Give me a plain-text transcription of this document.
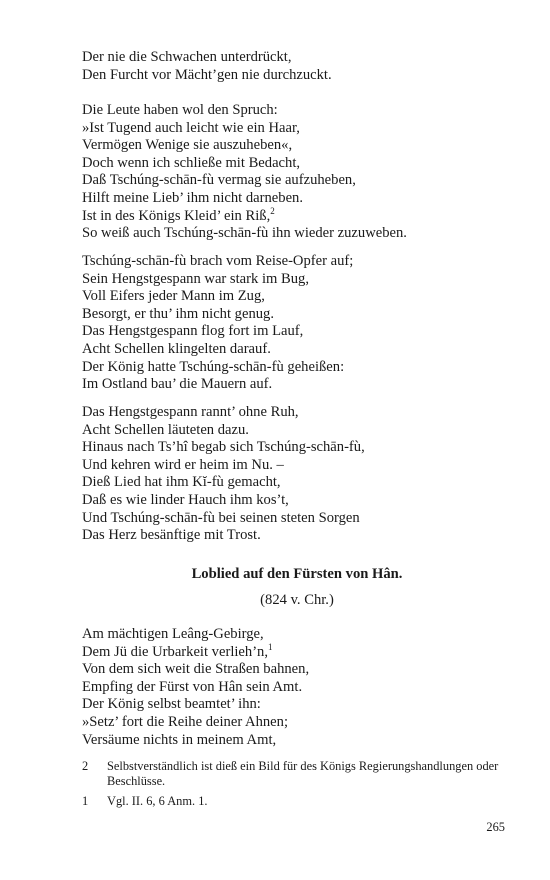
Der nie die Schwachen unterdrückt,
Den Furcht vor Mächt’gen nie durchzuckt.
Die Leute haben wol den Spruch:
»Ist Tugend auch leicht wie ein Haar,
Vermögen Wenige sie auszuheben«,
Doch wenn ich schließe mit Bedacht,
Daß Tschúng-schān-fù vermag sie aufzuheben,
Hilft meine Lieb’ ihm nicht darneben.
Ist in des Königs Kleid’ ein Riß,$^2$
So weiß auch Tschúng-schān-fù ihn wieder zuzuweben.
Tschúng-schān-fù brach vom Reise-Opfer auf;
Sein Hengstgespann war stark im Bug,
Voll Eifers jeder Mann im Zug,
Besorgt, er thu’ ihm nicht genug.
Das Hengstgespann flog fort im Lauf,
Acht Schellen klingelten darauf.
Der König hatte Tschúng-schān-fù geheißen:
Im Ostland bau’ die Mauern auf.
Das Hengstgespann rannt’ ohne Ruh,
Acht Schellen läuteten dazu.
Hinaus nach Ts’hî begab sich Tschúng-schān-fù,
Und kehren wird er heim im Nu. –
Dieß Lied hat ihm Kĭ-fù gemacht,
Daß es wie linder Hauch ihm kos’t,
Und Tschúng-schān-fù bei seinen steten Sorgen
Das Herz besänftige mit Trost.
Loblied auf den Fürsten von Hân.
(824 v. Chr.)
Am mächtigen Leâng-Gebirge,
Dem Jü die Urbarkeit verlieh’n,$^1$
Von dem sich weit die Straßen bahnen,
Empfing der Fürst von Hân sein Amt.
Der König selbst beamtet’ ihn:
»Setz’ fort die Reihe deiner Ahnen;
Versäume nichts in meinem Amt,
2	Selbstverständlich ist dieß ein Bild für des Königs Regierungshandlungen oder Beschlüsse.
1	Vgl. II. 6, 6 Anm. 1.
265
